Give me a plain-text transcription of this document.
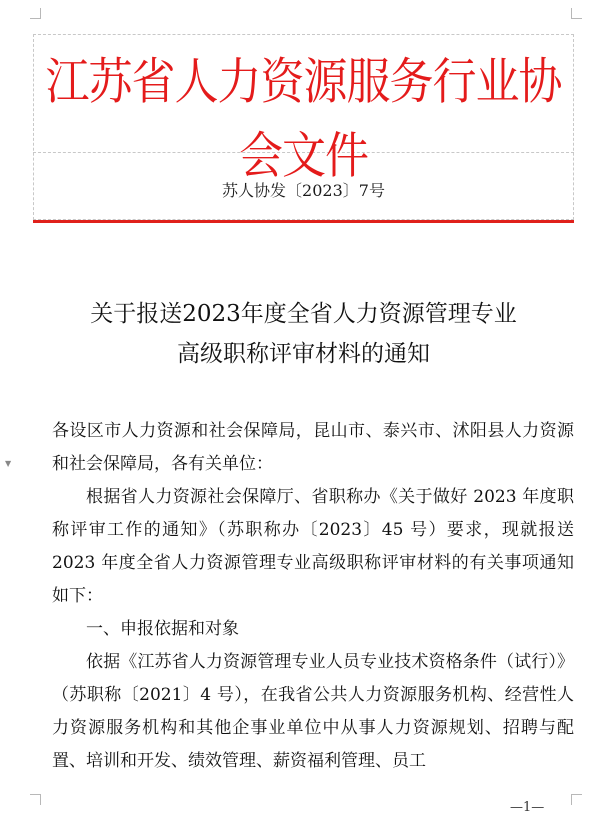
江苏省人力资源服务行业协会文件
苏人协发〔2023〕7号
关于报送2023年度全省人力资源管理专业
高级职称评审材料的通知
▼

各设区市人力资源和社会保障局，昆山市、泰兴市、沭阳县人力资源和社会保障局，各有关单位：

根据省人力资源社会保障厅、省职称办《关于做好 2023 年度职称评审工作的通知》（苏职称办〔2023〕45 号）要求，现就报送 2023 年度全省人力资源管理专业高级职称评审材料的有关事项通知如下：

一、申报依据和对象

依据《江苏省人力资源管理专业人员专业技术资格条件（试行）》（苏职称〔2021〕4 号），在我省公共人力资源服务机构、经营性人力资源服务机构和其他企事业单位中从事人力资源规划、招聘与配置、培训和开发、绩效管理、薪资福利管理、员工

—1—
